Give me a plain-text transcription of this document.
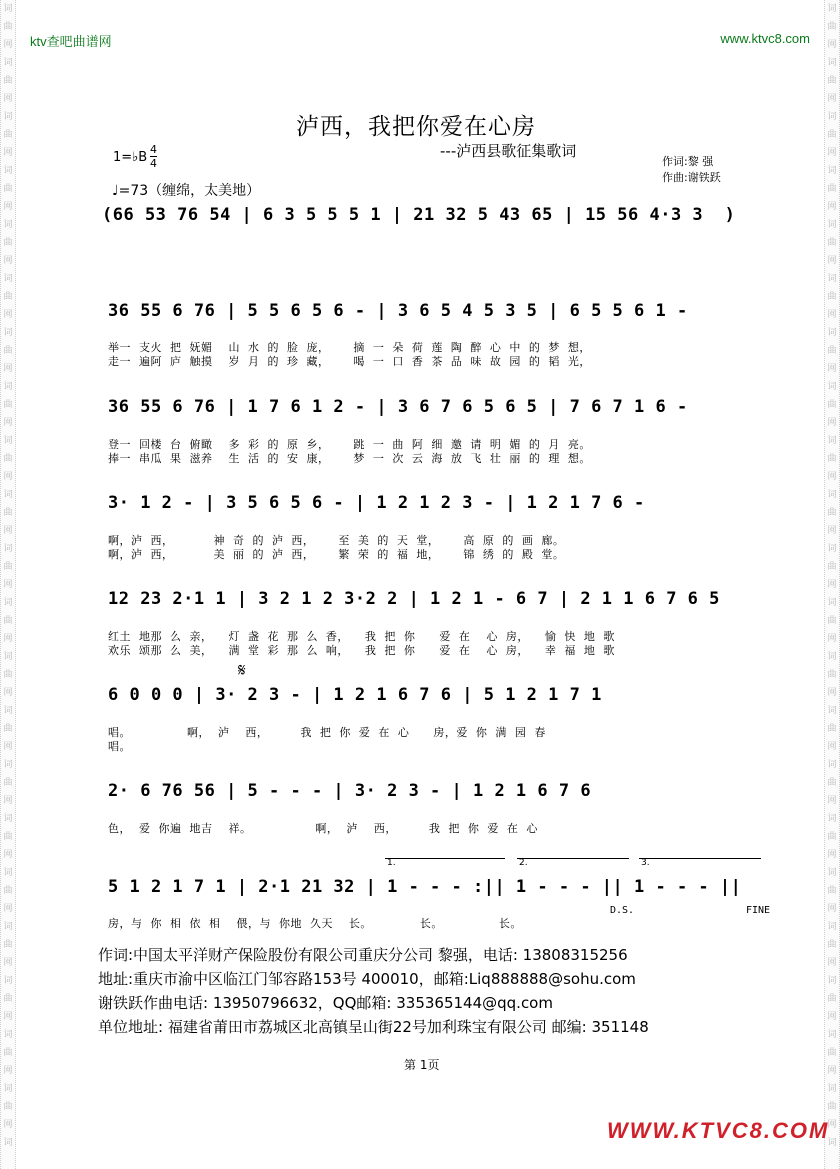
词
曲
网
词
曲
网
词
曲
网
词
曲
网
词
曲
网
词
曲
网
词
曲
网
词
曲
网
词
曲
网
词
曲
网
词
曲
网
词
曲
网
词
曲
网
词
曲
网
词
曲
网
词
曲
网
词
曲
网
词
曲
网
词
曲
网
词
曲
网
词
曲
网
词
词
曲
网
词
曲
网
词
曲
网
词
曲
网
词
曲
网
词
曲
网
词
曲
网
词
曲
网
词
曲
网
词
曲
网
词
曲
网
词
曲
网
词
曲
网
词
曲
网
词
曲
网
词
曲
网
词
曲
网
词
曲
网
词
曲
网
词
曲
网
词
曲
网
词
ktv查吧曲谱网	www.ktvc8.com
泸西，我把你爱在心房
---泸西县歌征集歌词
1=♭B
4
4
♩=73（缠绵，太美地）
作词:黎 强
作曲:谢铁跃
(66 53 76 54 | 6 3 5 5 5 1 | 21 32 5 43 65 | 15 56 4·3 3  )
36 55 6 76 | 5 5 6 5 6 - | 3 6 5 4 5 3 5 | 6 5 5 6 1 -
举一  支火  把  妩媚    山  水  的  脸  庞，      摘  一  朵  荷  莲  陶  醉  心  中  的  梦  想，
走一  遍阿  庐  触摸    岁  月  的  珍  藏，      喝  一  口  香  茶  品  味  故  园  的  韬  光，
36 55 6 76 | 1 7 6 1 2 - | 3 6 7 6 5 6 5 | 7 6 7 1 6 -
登一  回楼  台  俯瞰    多  彩  的  原  乡，      跳  一  曲  阿  细  邀  请  明  媚  的  月  亮。
捧一  串瓜  果  滋养    生  活  的  安  康，      梦  一  次  云  海  放  飞  壮  丽  的  理  想。
3· 1 2 - | 3 5 6 5 6 - | 1 2 1 2 3 - | 1 2 1 7 6 -
啊，泸  西，          神  奇  的  泸  西，      至  美  的  天  堂，      高  原  的  画  廊。
啊，泸  西，          美  丽  的  泸  西，      繁  荣  的  福  地，      锦  绣  的  殿  堂。
12 23 2·1 1 | 3 2 1 2 3·2 2 | 1 2 1 - 6 7 | 2 1 1 6 7 6 5
红土  地那  么  亲，    灯  盏  花  那  么  香，    我  把  你      爱  在    心  房，    愉  快  地  歌
欢乐  颂那  么  美，    满  堂  彩  那  么  响，    我  把  你      爱  在    心  房，    幸  福  地  歌
𝄋
6 0 0 0 | 3· 2 3 - | 1 2 1 6 7 6 | 5 1 2 1 7 1
唱。              啊，  泸    西，        我  把  你  爱  在  心      房，爱  你  满  园  春
唱。
2· 6 76 56 | 5 - - - | 3· 2 3 - | 1 2 1 6 7 6
色，  爱  你遍  地吉    祥。                啊，  泸    西，        我  把  你  爱  在  心
1.	2.	3.
5 1 2 1 7 1 | 2·1 21 32 | 1 - - - :|| 1 - - - || 1 - - - ||
房，与  你  相  依  相    偎，与  你地  久天    长。            长。              长。
D.S.	FINE
作词:中国太平洋财产保险股份有限公司重庆分公司 黎强，电话: 13808315256
地址:重庆市渝中区临江门邹容路153号 400010，邮箱:Liq888888@sohu.com
谢铁跃作曲电话: 13950796632，QQ邮箱: 335365144@qq.com
单位地址: 福建省莆田市荔城区北高镇呈山街22号加利珠宝有限公司 邮编: 351148
第 1页
WWW.KTVC8.COM
